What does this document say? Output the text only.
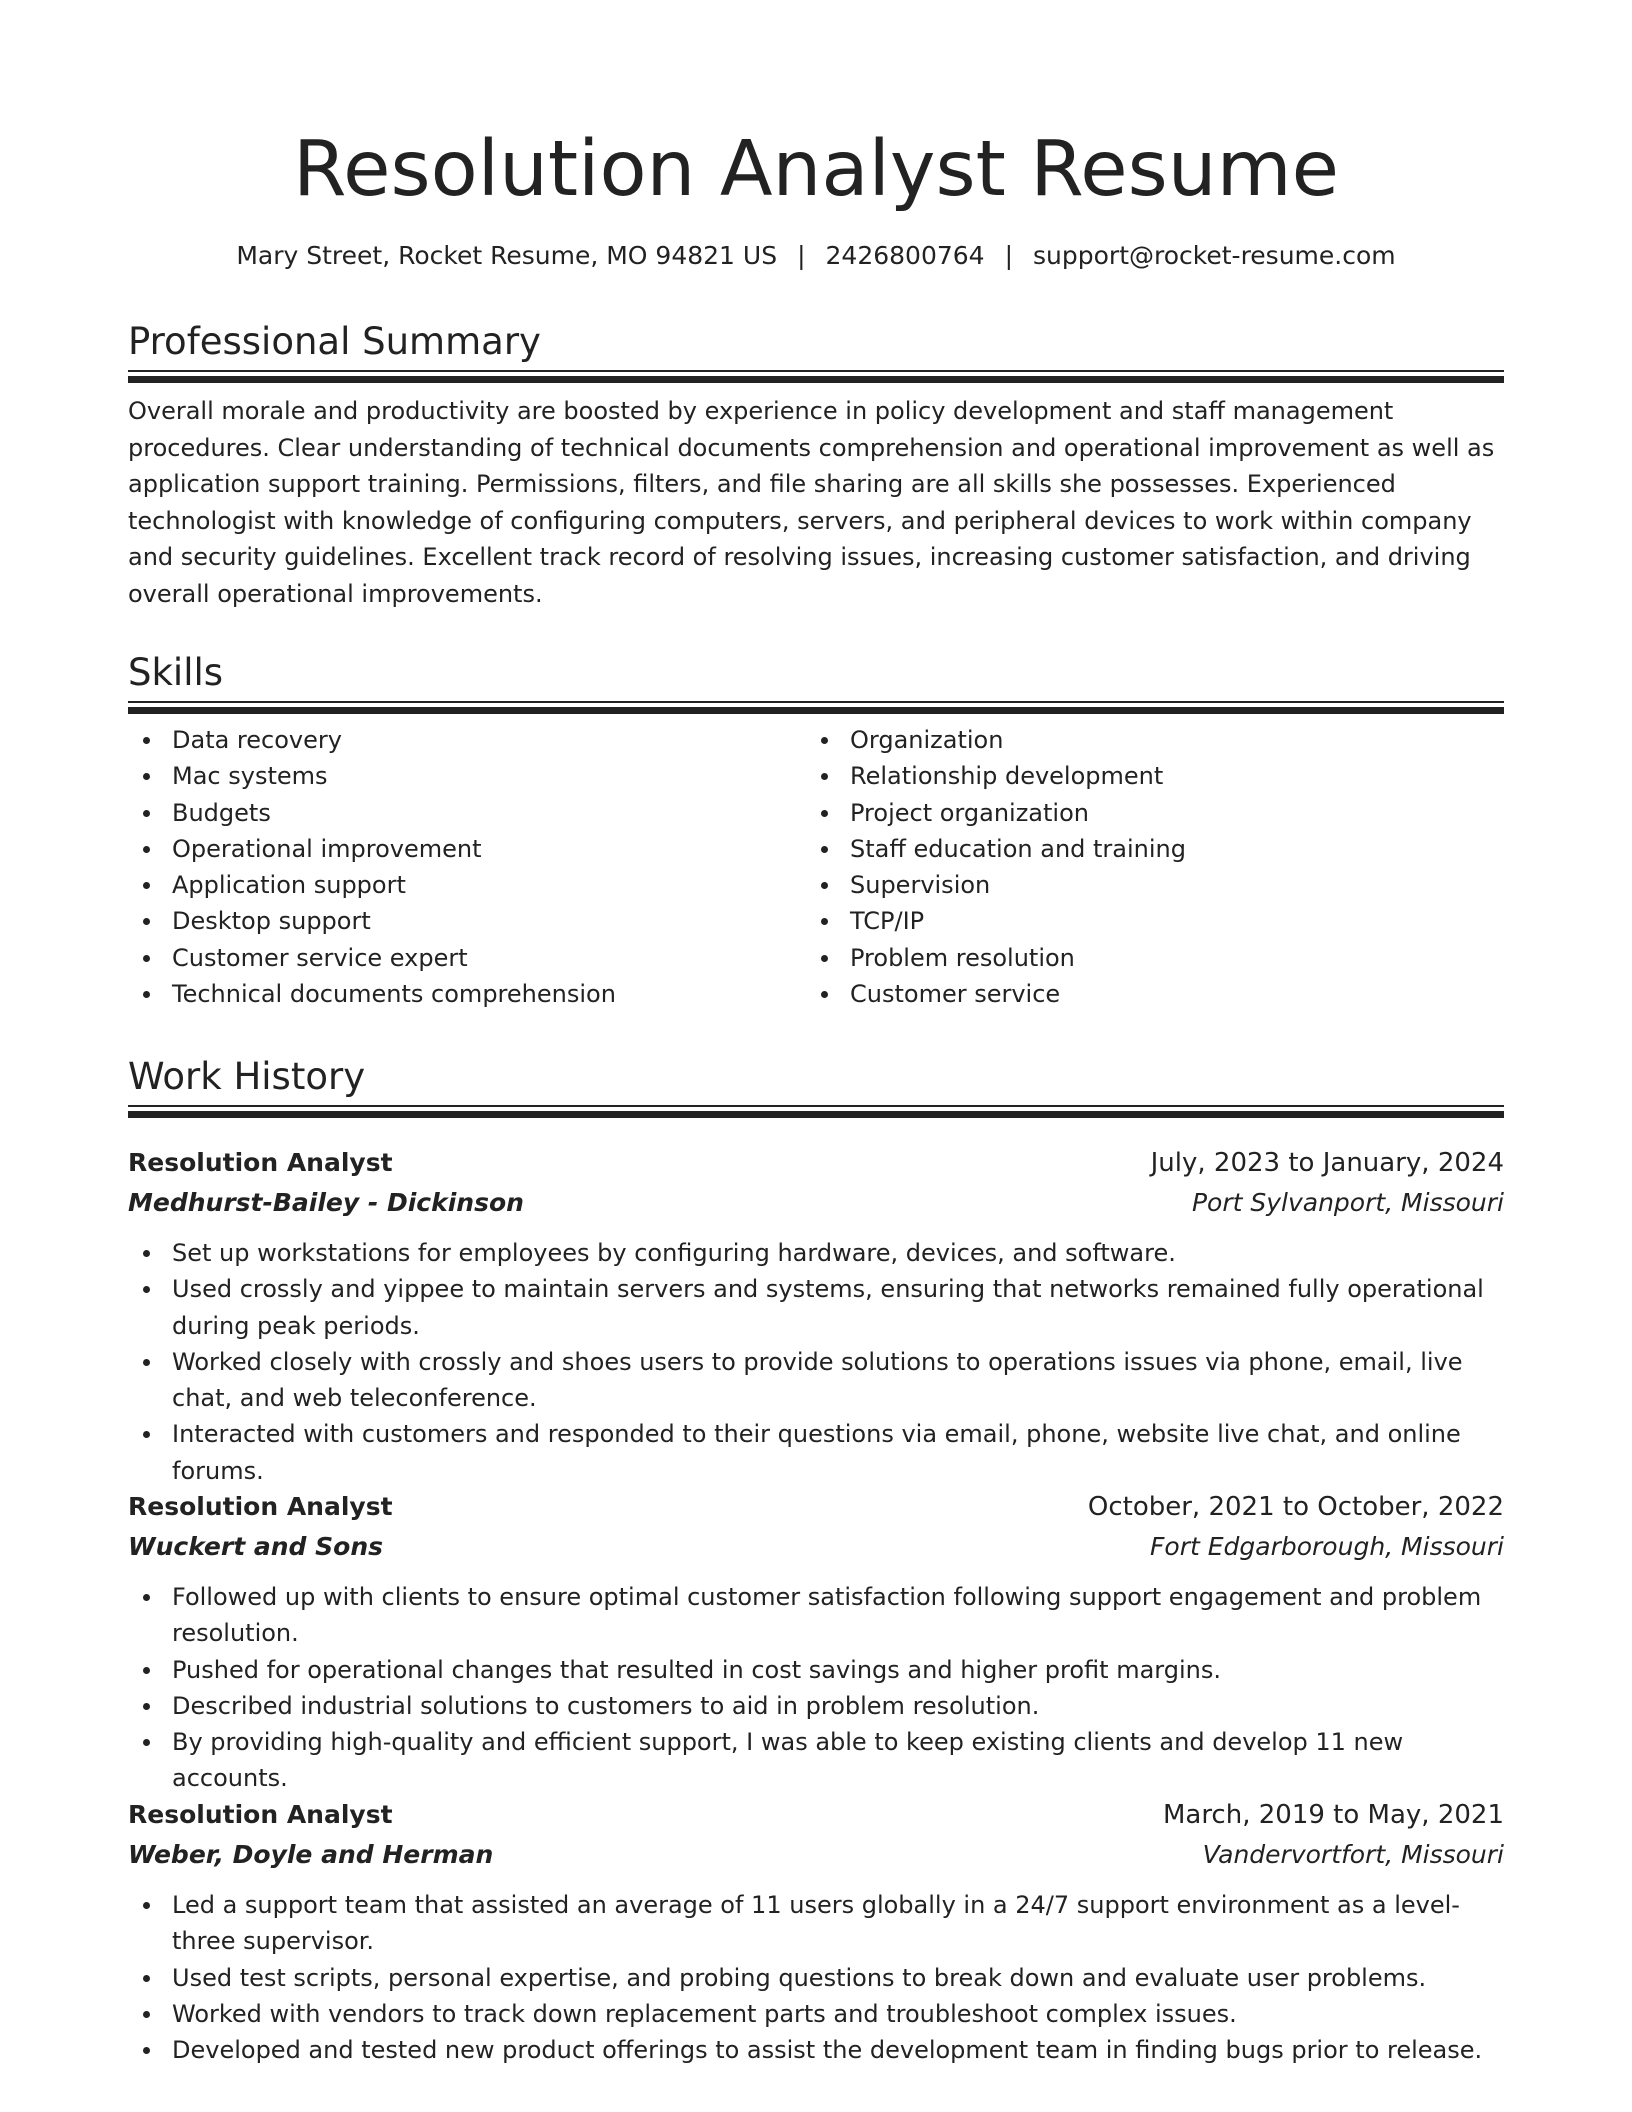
Resolution Analyst Resume
Mary Street, Rocket Resume, MO 94821 US | 2426800764 | support@rocket-resume.com
Professional Summary

Overall morale and productivity are boosted by experience in policy development and staff management procedures. Clear understanding of technical documents comprehension and operational improvement as well as application support training. Permissions, filters, and file sharing are all skills she possesses. Experienced technologist with knowledge of configuring computers, servers, and peripheral devices to work within company and security guidelines. Excellent track record of resolving issues, increasing customer satisfaction, and driving overall operational improvements.

Skills
Data recovery
Mac systems
Budgets
Operational improvement
Application support
Desktop support
Customer service expert
Technical documents comprehension
Organization
Relationship development
Project organization
Staff education and training
Supervision
TCP/IP
Problem resolution
Customer service
Work History
Resolution Analyst	July, 2023 to January, 2024
Medhurst-Bailey - Dickinson	Port Sylvanport, Missouri
Set up workstations for employees by configuring hardware, devices, and software.
Used crossly and yippee to maintain servers and systems, ensuring that networks remained fully operational during peak periods.
Worked closely with crossly and shoes users to provide solutions to operations issues via phone, email, live chat, and web teleconference.
Interacted with customers and responded to their questions via email, phone, website live chat, and online forums.
Resolution Analyst	October, 2021 to October, 2022
Wuckert and Sons	Fort Edgarborough, Missouri
Followed up with clients to ensure optimal customer satisfaction following support engagement and problem resolution.
Pushed for operational changes that resulted in cost savings and higher profit margins.
Described industrial solutions to customers to aid in problem resolution.
By providing high-quality and efficient support, I was able to keep existing clients and develop 11 new accounts.
Resolution Analyst	March, 2019 to May, 2021
Weber, Doyle and Herman	Vandervortfort, Missouri
Led a support team that assisted an average of 11 users globally in a 24/7 support environment as a level-three supervisor.
Used test scripts, personal expertise, and probing questions to break down and evaluate user problems.
Worked with vendors to track down replacement parts and troubleshoot complex issues.
Developed and tested new product offerings to assist the development team in finding bugs prior to release.
